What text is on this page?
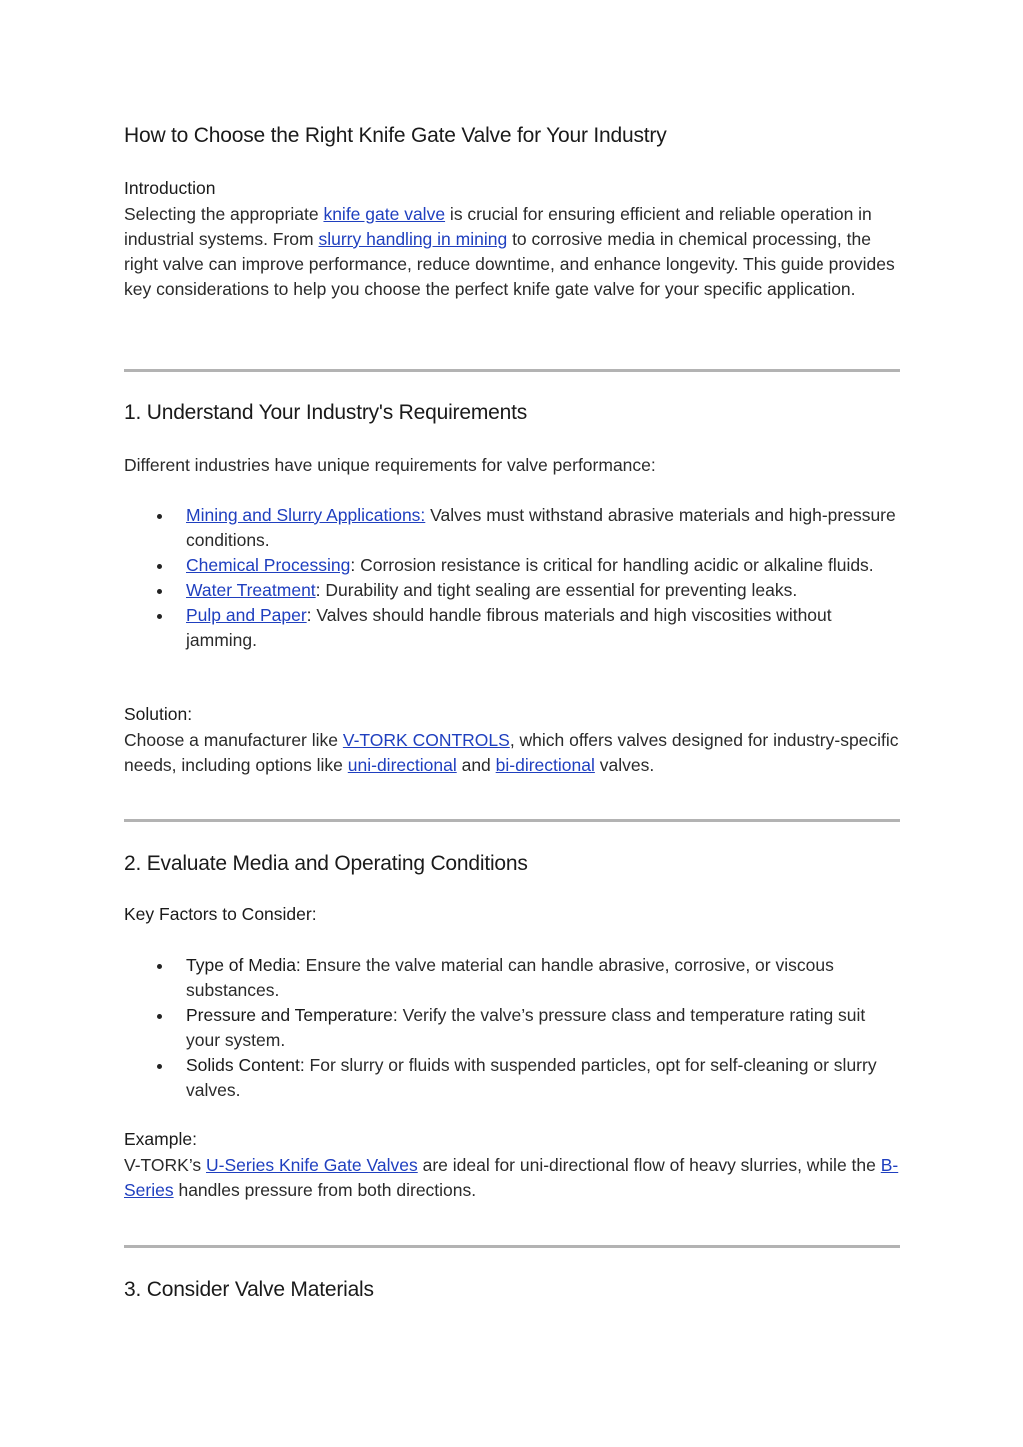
How to Choose the Right Knife Gate Valve for Your Industry
Introduction
Selecting the appropriate knife gate valve is crucial for ensuring efficient and reliable operation in industrial systems. From slurry handling in mining to corrosive media in chemical processing, the right valve can improve performance, reduce downtime, and enhance longevity. This guide provides key considerations to help you choose the perfect knife gate valve for your specific application.
1. Understand Your Industry's Requirements
Different industries have unique requirements for valve performance:
Mining and Slurry Applications: Valves must withstand abrasive materials and high-pressure conditions.
Chemical Processing: Corrosion resistance is critical for handling acidic or alkaline fluids.
Water Treatment: Durability and tight sealing are essential for preventing leaks.
Pulp and Paper: Valves should handle fibrous materials and high viscosities without jamming.
Solution:
Choose a manufacturer like V-TORK CONTROLS, which offers valves designed for industry-specific needs, including options like uni-directional and bi-directional valves.
2. Evaluate Media and Operating Conditions
Key Factors to Consider:
Type of Media: Ensure the valve material can handle abrasive, corrosive, or viscous substances.
Pressure and Temperature: Verify the valve’s pressure class and temperature rating suit your system.
Solids Content: For slurry or fluids with suspended particles, opt for self-cleaning or slurry valves.
Example:
V-TORK’s U-Series Knife Gate Valves are ideal for uni-directional flow of heavy slurries, while the B-Series handles pressure from both directions.
3. Consider Valve Materials
